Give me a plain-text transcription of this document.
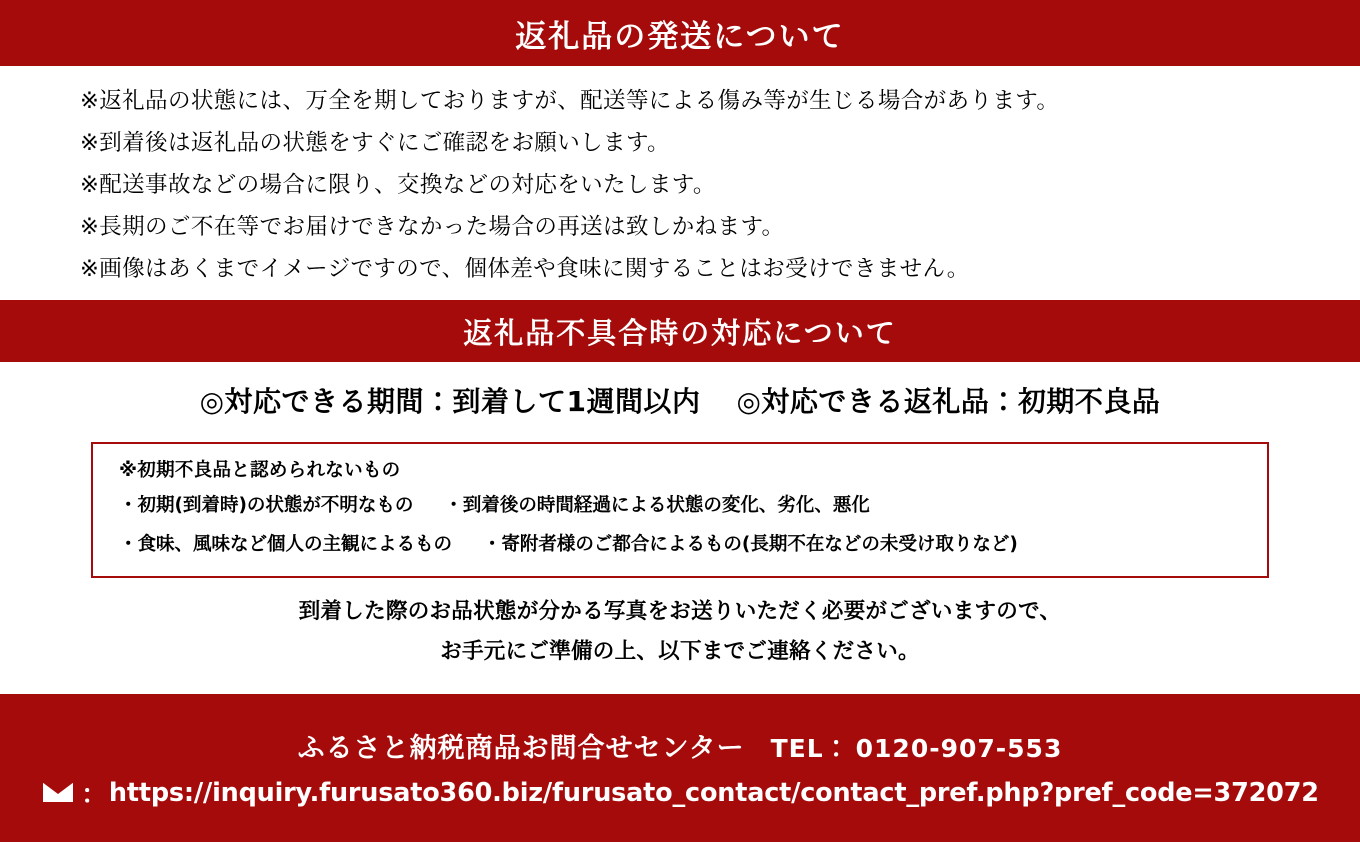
返礼品の発送について
※返礼品の状態には、万全を期しておりますが、配送等による傷み等が生じる場合があります。
※到着後は返礼品の状態をすぐにご確認をお願いします。
※配送事故などの場合に限り、交換などの対応をいたします。
※長期のご不在等でお届けできなかった場合の再送は致しかねます。
※画像はあくまでイメージですので、個体差や食味に関することはお受けできません。
返礼品不具合時の対応について
◎対応できる期間：到着して1週間以内 ◎対応できる返礼品：初期不良品
※初期不良品と認められないもの
・初期(到着時)の状態が不明なもの ・到着後の時間経過による状態の変化、劣化、悪化
・食味、風味など個人の主観によるもの ・寄附者様のご都合によるもの(長期不在などの未受け取りなど)
到着した際のお品状態が分かる写真をお送りいただく必要がございますので、
お手元にご準備の上、以下までご連絡ください。
ふるさと納税商品お問合せセンター TEL： 0120-907-553
： https://inquiry.furusato360.biz/furusato_contact/contact_pref.php?pref_code=372072
